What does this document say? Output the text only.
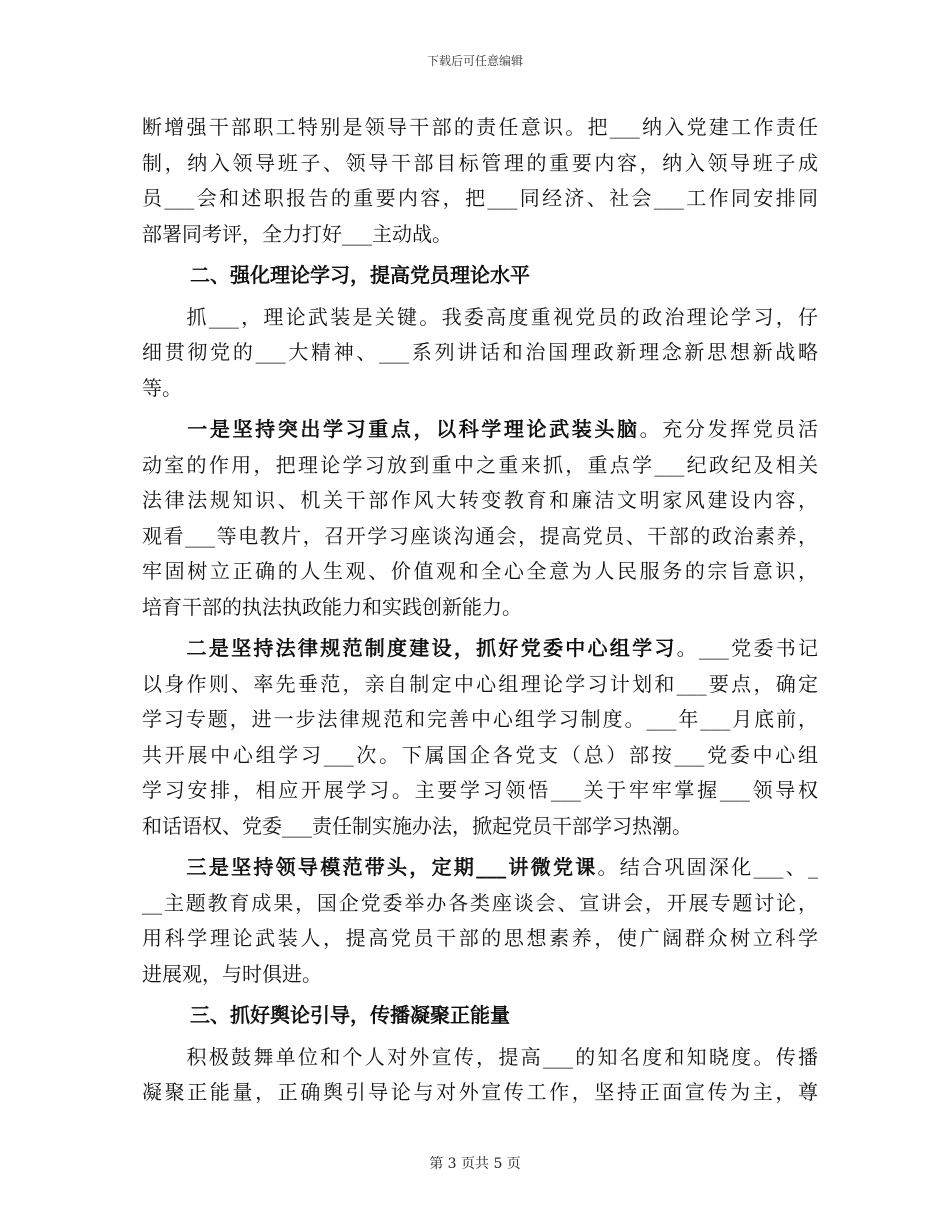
下载后可任意编辑
断增强干部职工特别是领导干部的责任意识。把___纳入党建工作责任
制，纳入领导班子、领导干部目标管理的重要内容，纳入领导班子成
员___会和述职报告的重要内容，把___同经济、社会___工作同安排同
部署同考评，全力打好___主动战。
二、强化理论学习，提高党员理论水平
　　抓___，理论武装是关键。我委高度重视党员的政治理论学习，仔
细贯彻党的___大精神、___系列讲话和治国理政新理念新思想新战略
等。
　　一是坚持突出学习重点，以科学理论武装头脑。充分发挥党员活
动室的作用，把理论学习放到重中之重来抓，重点学___纪政纪及相关
法律法规知识、机关干部作风大转变教育和廉洁文明家风建设内容，
观看___等电教片，召开学习座谈沟通会，提高党员、干部的政治素养，
牢固树立正确的人生观、价值观和全心全意为人民服务的宗旨意识，
培育干部的执法执政能力和实践创新能力。
　　二是坚持法律规范制度建设，抓好党委中心组学习。___党委书记
以身作则、率先垂范，亲自制定中心组理论学习计划和___要点，确定
学习专题，进一步法律规范和完善中心组学习制度。___年___月底前，
共开展中心组学习___次。下属国企各党支（总）部按___党委中心组
学习安排，相应开展学习。主要学习领悟___关于牢牢掌握___领导权
和话语权、党委___责任制实施办法，掀起党员干部学习热潮。
　　三是坚持领导模范带头，定期___讲微党课。结合巩固深化___、_
__主题教育成果，国企党委举办各类座谈会、宣讲会，开展专题讨论，
用科学理论武装人，提高党员干部的思想素养，使广阔群众树立科学
进展观，与时俱进。
三、抓好舆论引导，传播凝聚正能量
　　积极鼓舞单位和个人对外宣传，提高___的知名度和知晓度。传播
凝聚正能量，正确舆引导论与对外宣传工作，坚持正面宣传为主，尊
第 3 页共 5 页
